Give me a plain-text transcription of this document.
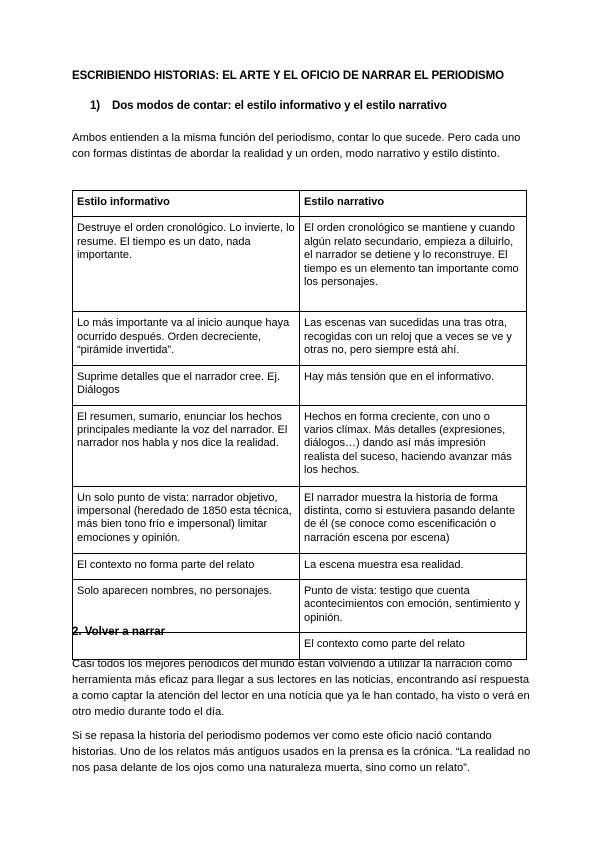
ESCRIBIENDO HISTORIAS: EL ARTE Y EL OFICIO DE NARRAR EL PERIODISMO
1) Dos modos de contar: el estilo informativo y el estilo narrativo

Ambos entienden a la misma función del periodismo, contar lo que sucede. Pero cada uno con formas distintas de abordar la realidad y un orden, modo narrativo y estilo distinto.

Estilo informativo	Estilo narrativo
Destruye el orden cronológico. Lo invierte, lo resume. El tiempo es un dato, nada importante.	El orden cronológico se mantiene y cuando algún relato secundario, empieza a diluirlo, el narrador se detiene y lo reconstruye. El tiempo es un elemento tan importante como los personajes.
Lo más importante va al inicio aunque haya ocurrido después. Orden decreciente, “pirámide invertida”.	Las escenas van sucedidas una tras otra, recogidas con un reloj que a veces se ve y otras no, pero siempre está ahí.
Suprime detalles que el narrador cree. Ej. Diálogos	Hay más tensión que en el informativo.
El resumen, sumario, enunciar los hechos principales mediante la voz del narrador. El narrador nos habla y nos dice la realidad.	Hechos en forma creciente, con uno o varios clímax. Más detalles (expresiones, diálogos…) dando así más impresión realista del suceso, haciendo avanzar más los hechos.
Un solo punto de vista: narrador objetivo, impersonal (heredado de 1850 esta técnica, más bien tono frío e impersonal) limitar emociones y opinión.	El narrador muestra la historia de forma distinta, como si estuviera pasando delante de él (se conoce como escenificación o narración escena por escena)
El contexto no forma parte del relato	La escena muestra esa realidad.
Solo aparecen nombres, no personajes.	Punto de vista: testigo que cuenta acontecimientos con emoción, sentimiento y opinión.
	El contexto como parte del relato
2. Volver a narrar

Casi todos los mejores periódicos del mundo están volviendo a utilizar la narración como herramienta más eficaz para llegar a sus lectores en las noticias, encontrando así respuesta a como captar la atención del lector en una notícia que ya le han contado, ha visto o verá en otro medio durante todo el día.

Si se repasa la historia del periodismo podemos ver como este oficio nació contando historias. Uno de los relatos más antiguos usados en la prensa es la crónica. “La realidad no nos pasa delante de los ojos como una naturaleza muerta, sino como un relato”.
